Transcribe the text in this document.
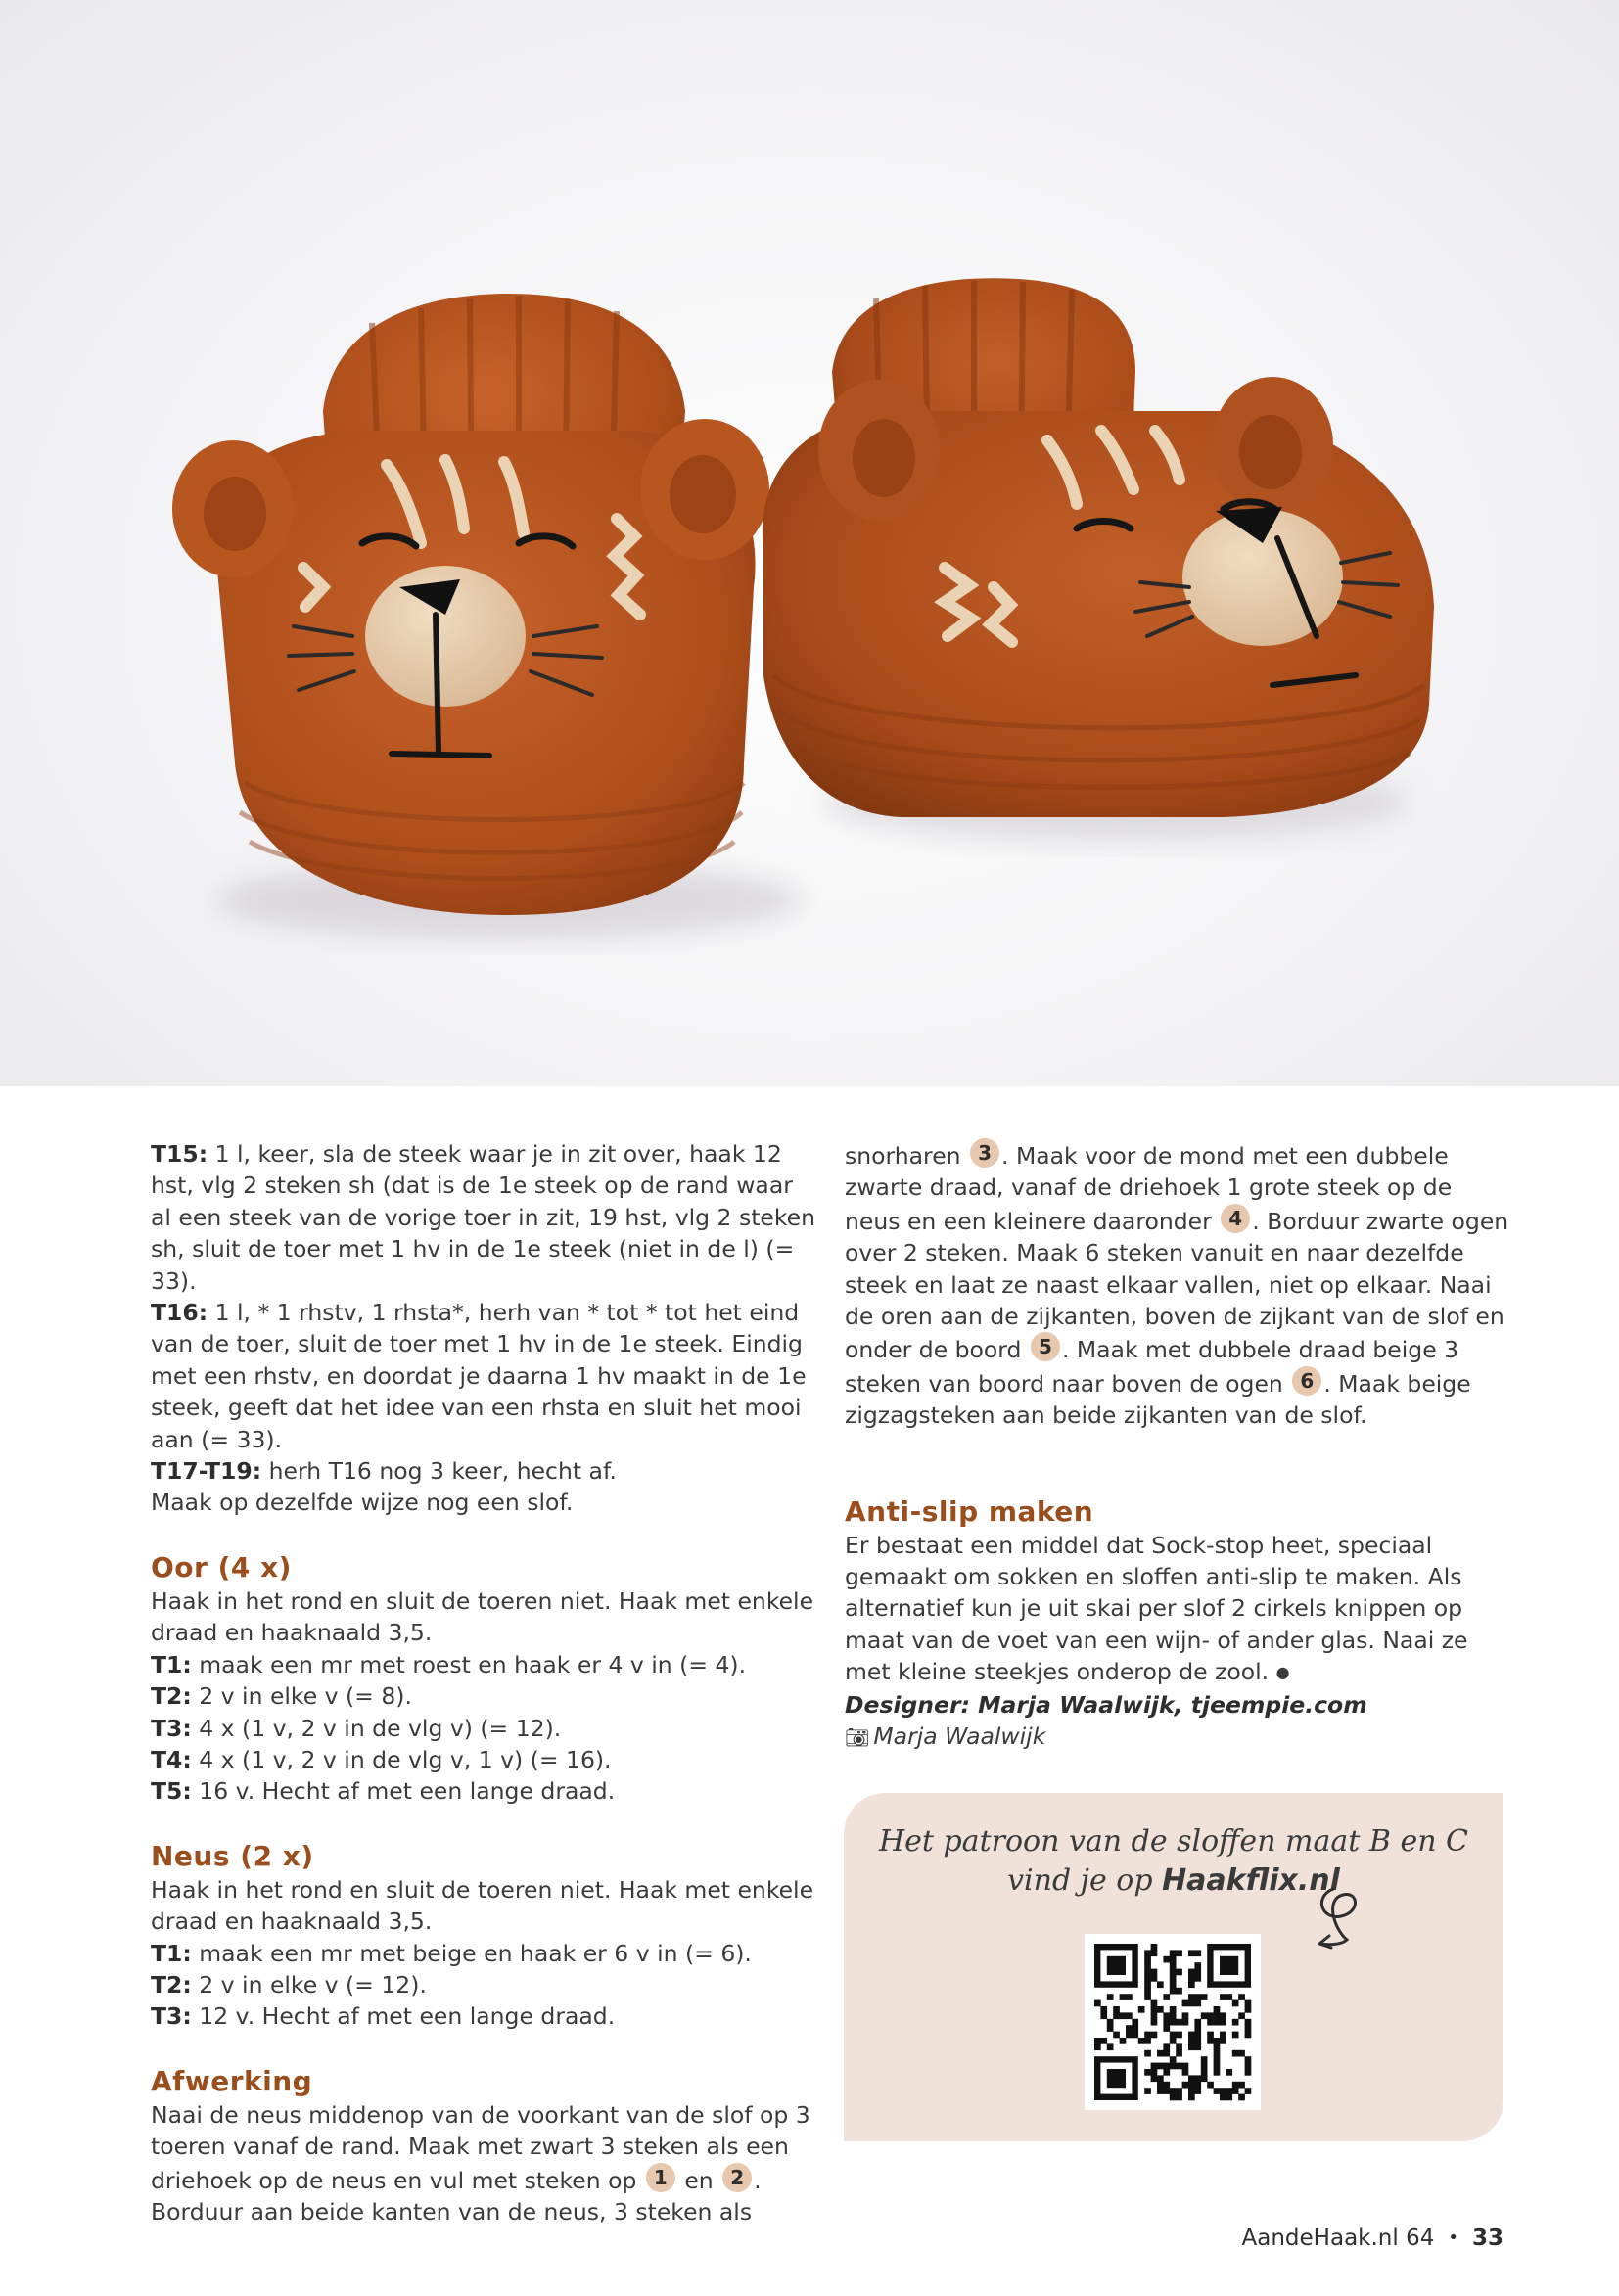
T15: 1 l, keer, sla de steek waar je in zit over, haak 12 hst, vlg 2 steken sh (dat is de 1e steek op de rand waar al een steek van de vorige toer in zit, 19 hst, vlg 2 steken sh, sluit de toer met 1 hv in de 1e steek (niet in de l) (= 33).

T16: 1 l, * 1 rhstv, 1 rhsta*, herh van * tot * tot het eind van de toer, sluit de toer met 1 hv in de 1e steek. Eindig met een rhstv, en doordat je daarna 1 hv maakt in de 1e steek, geeft dat het idee van een rhsta en sluit het mooi aan (= 33).

T17-T19: herh T16 nog 3 keer, hecht af.

Maak op dezelfde wijze nog een slof.

Oor (4 x)

Haak in het rond en sluit de toeren niet. Haak met enkele draad en haaknaald 3,5.

T1: maak een mr met roest en haak er 4 v in (= 4).

T2: 2 v in elke v (= 8).

T3: 4 x (1 v, 2 v in de vlg v) (= 12).

T4: 4 x (1 v, 2 v in de vlg v, 1 v) (= 16).

T5: 16 v. Hecht af met een lange draad.

Neus (2 x)

Haak in het rond en sluit de toeren niet. Haak met enkele draad en haaknaald 3,5.

T1: maak een mr met beige en haak er 6 v in (= 6).

T2: 2 v in elke v (= 12).

T3: 12 v. Hecht af met een lange draad.

Afwerking

Naai de neus middenop van de voorkant van de slof op 3 toeren vanaf de rand. Maak met zwart 3 steken als een driehoek op de neus en vul met steken op 1 en 2 . Borduur aan beide kanten van de neus, 3 steken als

snorharen 3 . Maak voor de mond met een dubbele zwarte draad, vanaf de driehoek 1 grote steek op de neus en een kleinere daaronder 4 . Borduur zwarte ogen over 2 steken. Maak 6 steken vanuit en naar dezelfde steek en laat ze naast elkaar vallen, niet op elkaar. Naai de oren aan de zijkanten, boven de zijkant van de slof en onder de boord 5 . Maak met dubbele draad beige 3 steken van boord naar boven de ogen 6 . Maak beige zigzagsteken aan beide zijkanten van de slof.

Anti-slip maken

Er bestaat een middel dat Sock-stop heet, speciaal gemaakt om sokken en sloffen anti-slip te maken. Als alternatief kun je uit skai per slof 2 cirkels knippen op maat van de voet van een wijn- of ander glas. Naai ze met kleine steekjes onderop de zool. ●

Designer: Marja Waalwijk, tjeempie.com

📷︎ Marja Waalwijk

Het patroon van de sloffen maat B en C
vind je op Haakflix.nl
AandeHaak.nl 64 • 33
